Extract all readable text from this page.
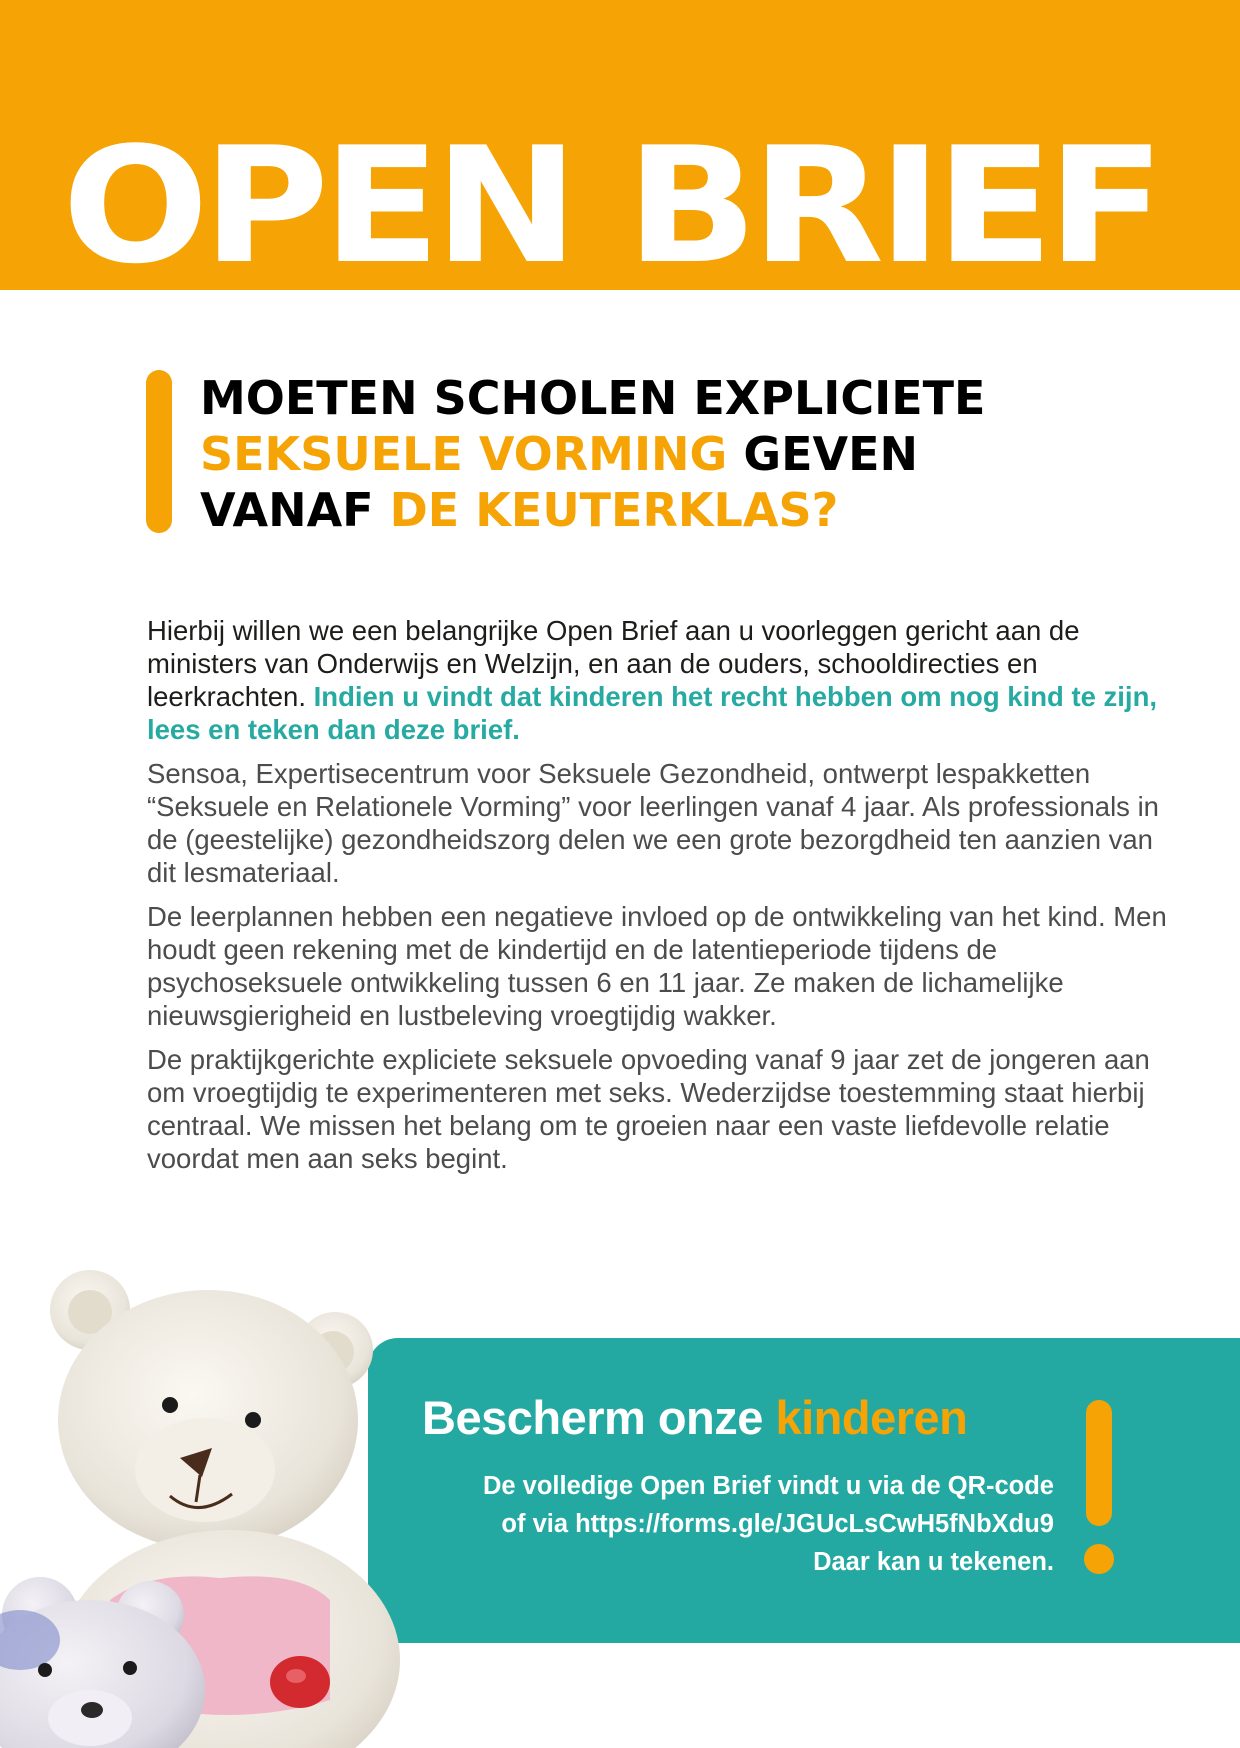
OPEN BRIEF
MOETEN SCHOLEN EXPLICIETE
SEKSUELE VORMING GEVEN
VANAF DE KEUTERKLAS?

Hierbij willen we een belangrijke Open Brief aan u voorleggen gericht aan de ministers van Onderwijs en Welzijn, en aan de ouders, schooldirecties en leerkrachten. Indien u vindt dat kinderen het recht hebben om nog kind te zijn, lees en teken dan deze brief.

Sensoa, Expertisecentrum voor Seksuele Gezondheid, ontwerpt lespakketten “Seksuele en Relationele Vorming” voor leerlingen vanaf 4 jaar. Als professionals in de (geestelijke) gezondheidszorg delen we een grote bezorgdheid ten aanzien van dit lesmateriaal.

De leerplannen hebben een negatieve invloed op de ontwikkeling van het kind. Men houdt geen rekening met de kindertijd en de latentieperiode tijdens de psychoseksuele ontwikkeling tussen 6 en 11 jaar. Ze maken de lichamelijke nieuwsgierigheid en lustbeleving vroegtijdig wakker.

De praktijkgerichte expliciete seksuele opvoeding vanaf 9 jaar zet de jongeren aan om vroegtijdig te experimenteren met seks. Wederzijdse toestemming staat hierbij centraal. We missen het belang om te groeien naar een vaste liefdevolle relatie voordat men aan seks begint.

Bescherm onze kinderen
De volledige Open Brief vindt u via de QR-code
of via https://forms.gle/JGUcLsCwH5fNbXdu9
Daar kan u tekenen.
